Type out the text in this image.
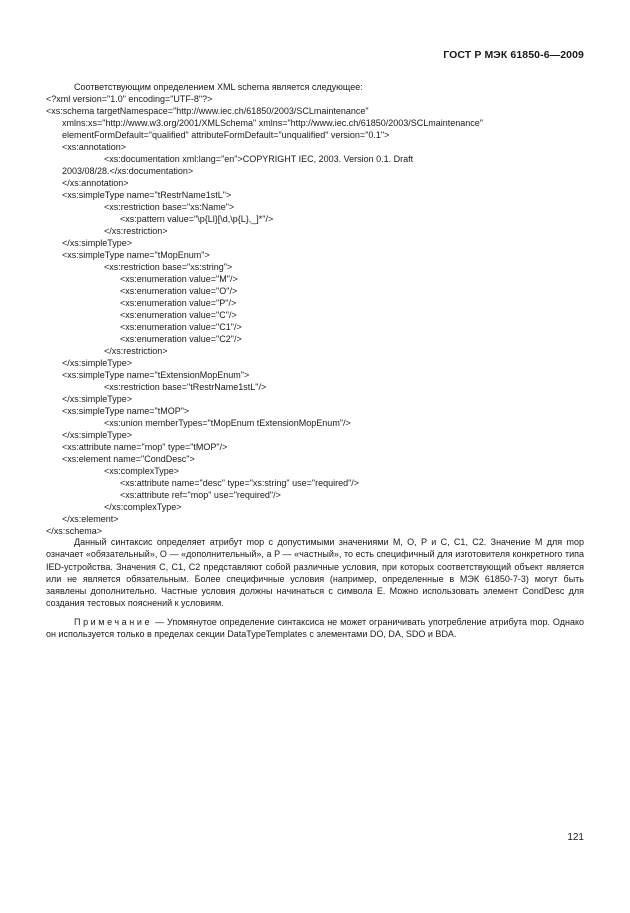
ГОСТ Р МЭК 61850-6—2009
Соответствующим определением XML schema является следующее:
<?xml version="1.0" encoding="UTF-8"?>
<xs:schema targetNamespace="http://www.iec.ch/61850/2003/SCLmaintenance"
xmlns:xs="http://www.w3.org/2001/XMLSchema" xmlns="http://www.iec.ch/61850/2003/SCLmaintenance"
elementFormDefault="qualified" attributeFormDefault="unqualified" version="0.1">
<xs:annotation>
<xs:documentation xml:lang="en">COPYRIGHT IEC, 2003. Version 0.1. Draft
2003/08/28.</xs:documentation>
</xs:annotation>
<xs:simpleType name="tRestrName1stL">
<xs:restriction base="xs:Name">
<xs:pattern value="\p{Ll}[\d,\p{L},_]*"/>
</xs:restriction>
</xs:simpleType>
<xs:simpleType name="tMopEnum">
<xs:restriction base="xs:string">
<xs:enumeration value="M"/>
<xs:enumeration value="O"/>
<xs:enumeration value="P"/>
<xs:enumeration value="C"/>
<xs:enumeration value="C1"/>
<xs:enumeration value="C2"/>
</xs:restriction>
</xs:simpleType>
<xs:simpleType name="tExtensionMopEnum">
<xs:restriction base="tRestrName1stL"/>
</xs:simpleType>
<xs:simpleType name="tMOP">
<xs:union memberTypes="tMopEnum tExtensionMopEnum"/>
</xs:simpleType>
<xs:attribute name="mop" type="tMOP"/>
<xs:element name="CondDesc">
<xs:complexType>
<xs:attribute name="desc" type="xs:string" use="required"/>
<xs:attribute ref="mop" use="required"/>
</xs:complexType>
</xs:element>
</xs:schema>
Данный синтаксис определяет атрибут mop с допустимыми значениями M, O, P и C, C1, C2. Значение M для mop означает «обязательный», O — «дополнительный», а P — «частный», то есть специфичный для изготовителя конкретного типа IED-устройства. Значения C, C1, C2 представляют собой различные условия, при которых соответствующий объект является или не является обязательным. Более специфичные условия (например, определенные в МЭК 61850-7-3) могут быть заявлены дополнительно. Частные условия должны начинаться с символа E. Можно использовать элемент CondDesc для создания тестовых пояснений к условиям.
Примечание — Упомянутое определение синтаксиса не может ограничивать употребление атрибута mop. Однако он используется только в пределах секции DataTypeTemplates с элементами DO, DA, SDO и BDA.
121
